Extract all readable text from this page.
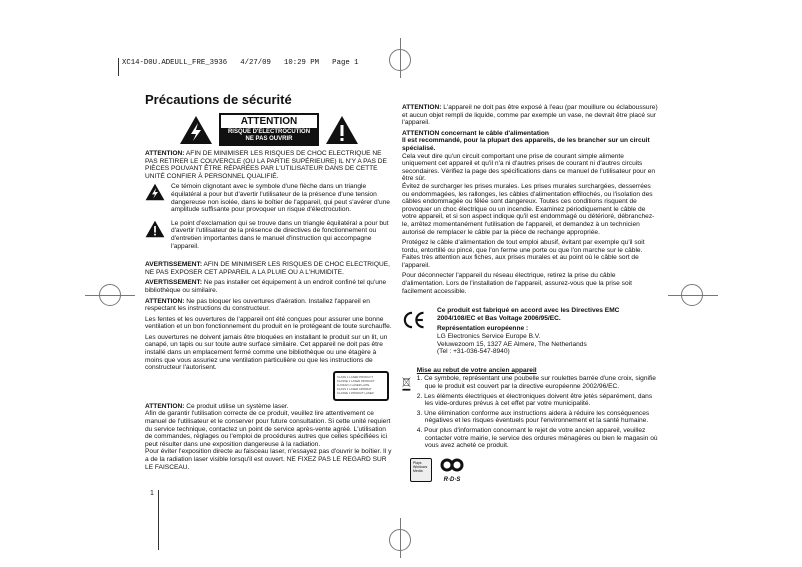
XC14-D0U.ADEULL_FRE_3936   4/27/09   10:29 PM   Page 1
Précautions de sécurité
ATTENTION
RISQUE D'ÉLECTROCUTION
NE PAS OUVRIR

ATTENTION: AFIN DE MINIMISER LES RISQUES DE CHOC ELECTRIQUE NE PAS RETIRER LE COUVERCLE (OU LA PARTIE SUPÉRIEURE) IL N'Y A PAS DE PIÈCES POUVANT ÊTRE RÉPARÉES PAR L'UTILISATEUR DANS DE CETTE UNITÉ CONFIER À PERSONNEL QUALIFIÉ.

Ce témoin clignotant avec le symbole d'une flèche dans un triangle équilatéral a pour but d'avertir l'utilisateur de la présence d'une tension dangereuse non isolée, dans le boîtier de l'appareil, qui peut s'avérer d'une amplitude suffisante pour provoquer un risque d'électrocution.

Le point d'exclamation qui se trouve dans un triangle équilatéral a pour but d'avertir l'utilisateur de la présence de directives de fonctionnement ou d'entretien importantes dans le manuel d'instruction qui accompagne l'appareil.

AVERTISSEMENT: AFIN DE MINIMISER LES RISQUES DE CHOC ELECTRIQUE, NE PAS EXPOSER CET APPAREIL A LA PLUIE OU A L'HUMIDITE.

AVERTISSEMENT: Ne pas installer cet équipement à un endroit confiné tel qu'une bibliothèque ou similaire.

ATTENTION: Ne pas bloquer les ouvertures d'aération. Installez l'appareil en respectant les instructions du constructeur.

Les fentes et les ouvertures de l'appareil ont été conçues pour assurer une bonne ventilation et un bon fonctionnement du produit en le protégeant de toute surchauffe.

Les ouvertures ne doivent jamais être bloquées en installant le produit sur un lit, un canapé, un tapis ou sur toute autre surface similaire. Cet appareil ne doit pas être installé dans un emplacement fermé comme une bibliothèque ou une étagère à moins que vous assuriez une ventilation particulière ou que les instructions de constructeur l'autorisent.

CLASS 1 LASER PRODUCT
KLASSE 1 LASER PRODUKT
LUOKAN 1 LASER LAITE
KLASS 1 LASER APPARAT
CLASSE 1 PRODUIT LASER

ATTENTION: Ce produit utilise un système laser.

Afin de garantir l'utilisation correcte de ce produit, veuillez lire attentivement ce manuel de l'utilisateur et le conserver pour future consultation. Si cette unité requiert du service technique, contactez un point de service après-vente agréé. L'utilisation de commandes, réglages ou l'emploi de procédures autres que celles spécifiées ici peut résulter dans une exposition dangereuse à la radiation.

Pour éviter l'exposition directe au faisceau laser, n'essayez pas d'ouvrir le boîtier. Il y a de la radiation laser visible lorsqu'il est ouvert. NE FIXEZ PAS LE REGARD SUR LE FAISCEAU.

1

ATTENTION: L'appareil ne doit pas être exposé à l'eau (par mouillure ou éclaboussure) et aucun objet rempli de liquide, comme par exemple un vase, ne devrait être placé sur l'appareil.

ATTENTION concernant le câble d'alimentation

Il est recommandé, pour la plupart des appareils, de les brancher sur un circuit spécialisé.

Cela veut dire qu'un circuit comportant une prise de courant simple alimente uniquement cet appareil et qu'il n'a ni d'autres prises de courant ni d'autres circuits secondaires. Vérifiez la page des spécifications dans ce manuel de l'utilisateur pour en être sûr.

Évitez de surcharger les prises murales. Les prises murales surchargées, desserrées ou endommagées, les rallonges, les câbles d'alimentation effilochés, ou l'isolation des câbles endommagée ou fêlée sont dangereux. Toutes ces conditions risquent de provoquer un choc électrique ou un incendie. Examinez périodiquement le câble de votre appareil, et si son aspect indique qu'il est endommagé ou détérioré, débranchez-le, arrêtez momentanément l'utilisation de l'appareil, et demandez à un technicien autorisé de remplacer le câble par la pièce de rechange appropriée.

Protégez le câble d'alimentation de tout emploi abusif, évitant par exemple qu'il soit tordu, entortillé ou pincé, que l'on ferme une porte ou que l'on marche sur le câble. Faites très attention aux fiches, aux prises murales et au point où le câble sort de l'appareil.

Pour déconnecter l'appareil du réseau électrique, retirez la prise du câble d'alimentation. Lors de l'installation de l'appareil, assurez-vous que la prise soit facilement accessible.

Ce produit est fabriqué en accord avec les Directives EMC 2004/108/EC et Bas Voltage 2006/95/EC.

Représentation européenne :

LG Electronics Service Europe B.V.

Veluwezoom 15, 1327 AE Almere, The Netherlands

(Tel : +31-036-547-8940)

Mise au rebut de votre ancien appareil

1. Ce symbole, représentant une poubelle sur roulettes barrée d'une croix, signifie que le produit est couvert par la directive européenne 2002/96/EC.
2. Les éléments électriques et électroniques doivent être jetés séparément, dans les vide-ordures prévus à cet effet par votre municipalité.
3. Une élimination conforme aux instructions aidera à réduire les conséquences négatives et les risques éventuels pour l'environnement et la santé humaine.
4. Pour plus d'information concernant le rejet de votre ancien appareil, veuillez contacter votre mairie, le service des ordures ménagères ou bien le magasin où vous avez acheté ce produit.
Plays Windows Media
R·D·S
